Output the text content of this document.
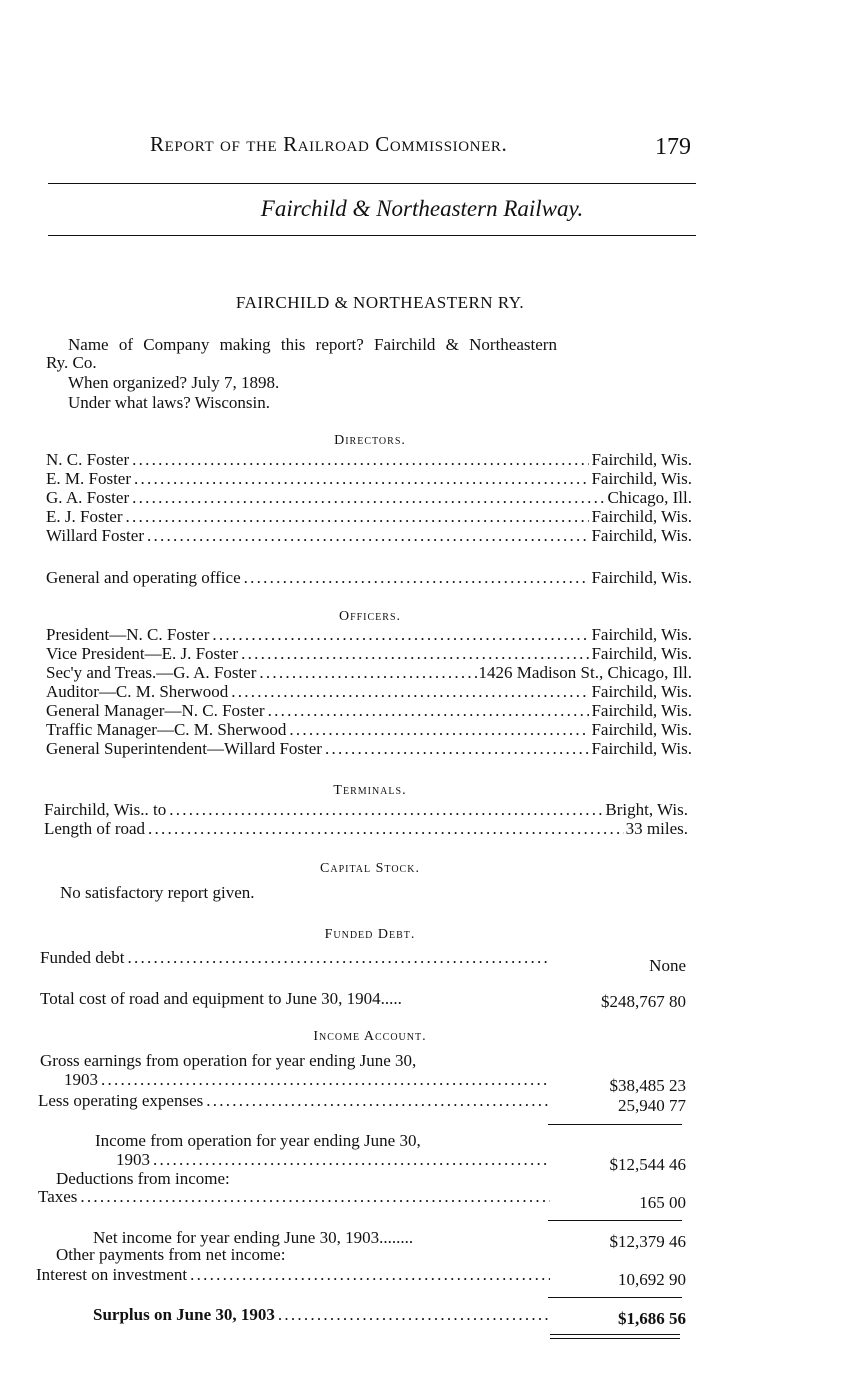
Report of the Railroad Commissioner.	179
Fairchild & Northeastern Railway.
FAIRCHILD & NORTHEASTERN RY.
Name of Company making this report? Fairchild & Northeastern
Ry. Co.
When organized? July 7, 1898.
Under what laws? Wisconsin.
Directors.
N. C. Foster . . .	Fairchild, Wis.
E. M. Foster . . .	Fairchild, Wis.
G. A. Foster . . .	Chicago, Ill.
E. J. Foster . . .	Fairchild, Wis.
Willard Foster . . .	Fairchild, Wis.
General and operating office . . .	Fairchild, Wis.
Officers.
President—N. C. Foster . . .	Fairchild, Wis.
Vice President—E. J. Foster . . .	Fairchild, Wis.
Sec'y and Treas.—G. A. Foster . . .	1426 Madison St., Chicago, Ill.
Auditor—C. M. Sherwood . . .	Fairchild, Wis.
General Manager—N. C. Foster . . .	Fairchild, Wis.
Traffic Manager—C. M. Sherwood . . .	Fairchild, Wis.
General Superintendent—Willard Foster . . .	Fairchild, Wis.
Terminals.
Fairchild, Wis.. to . . .	Bright, Wis.
Length of road . . .	33 miles.
Capital Stock.
No satisfactory report given.
Funded Debt.
Funded debt . . .	None
Total cost of road and equipment to June 30, 1904.....	$248,767 80
Income Account.
Gross earnings from operation for year ending June 30,
1903 . . .	$38,485 23
Less operating expenses . . .	25,940 77
Income from operation for year ending June 30,
1903 . . .	$12,544 46
Deductions from income:
Taxes . . .	165 00
Net income for year ending June 30, 1903........	$12,379 46
Other payments from net income:
Interest on investment . . .	10,692 90
Surplus on June 30, 1903 . . .	$1,686 56
